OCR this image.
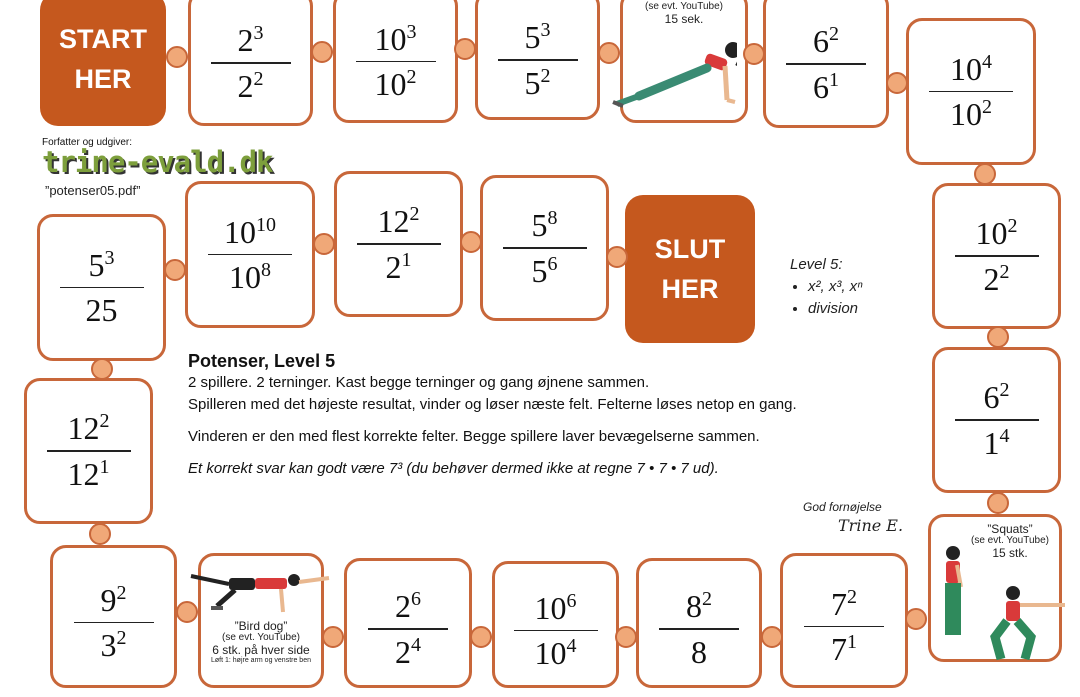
START
HER
SLUT
HER
$2^3$
$2^2$
$10^3$
$10^2$
$5^3$
$5^2$
(se evt. YouTube)
15 sek.
$6^2$
$6^1$	$10^4$
$10^2$
$10^2$
$2^2$
$6^2$
$1^4$
”Squats”
(se evt. YouTube)
15 stk.
$7^2$
$7^1$
$8^2$
8
$10^6$
$10^4$
$2^6$
$2^4$
”Bird dog”
(se evt. YouTube)
6 stk. på hver side
Løft 1: højre arm og venstre ben
$9^2$
$3^2$
$12^2$
$12^1$
$5^3$
25
$10^{10}$
$10^8$
$12^2$
$2^1$
$5^8$
$5^6$
Forfatter og udgiver:
trine-evald.dk
”potenser05.pdf”
Level 5:
• x², x³, xⁿ
• division
Potenser, Level 5

2 spillere. 2 terninger. Kast begge terninger og gang øjnene sammen.

Spilleren med det højeste resultat, vinder og løser næste felt. Felterne løses netop en gang.

Vinderen er den med flest korrekte felter. Begge spillere laver bevægelserne sammen.

Et korrekt svar kan godt være 7³ (du behøver dermed ikke at regne 7 • 7 • 7 ud).

God fornøjelse
Trine E.
